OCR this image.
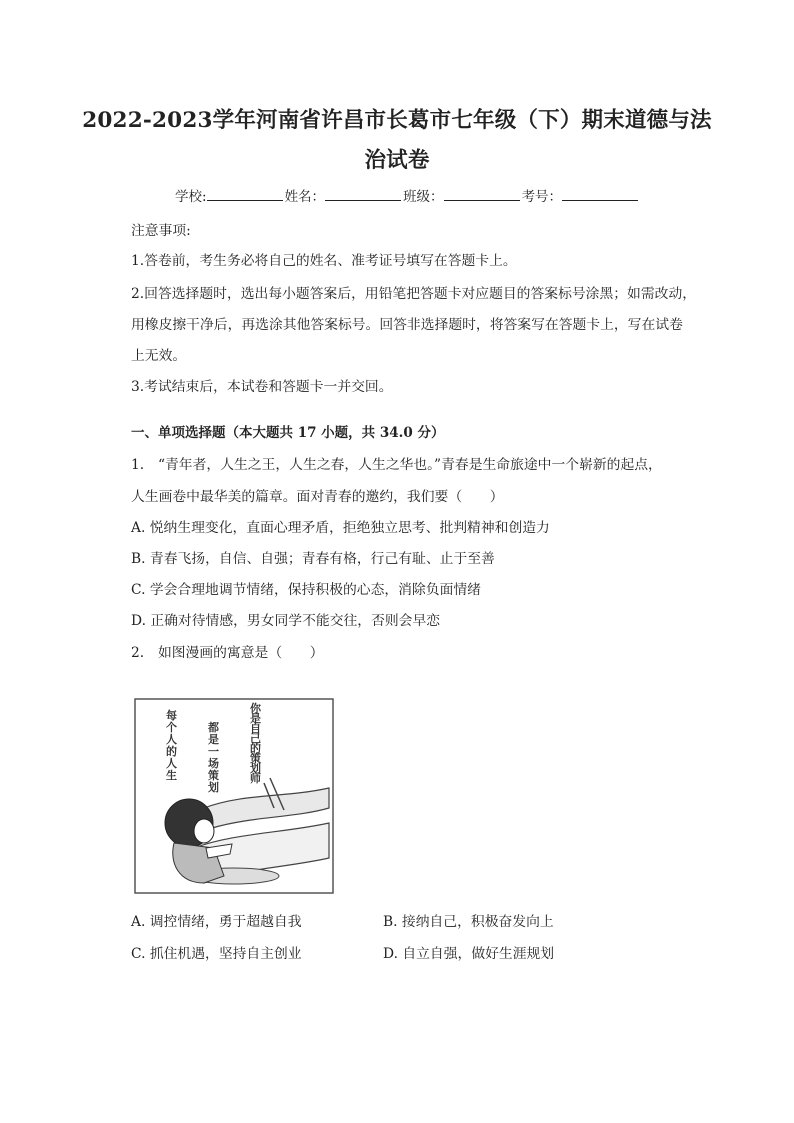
2022-2023学年河南省许昌市长葛市七年级（下）期末道德与法
治试卷
学校:	姓名：	班级：	考号：
注意事项:
1.答卷前，考生务必将自己的姓名、准考证号填写在答题卡上。
2.回答选择题时，选出每小题答案后，用铅笔把答题卡对应题目的答案标号涂黑；如需改动，
用橡皮擦干净后，再选涂其他答案标号。回答非选择题时，将答案写在答题卡上，写在试卷
上无效。
3.考试结束后，本试卷和答题卡一并交回。
一、单项选择题（本大题共 17 小题，共 34.0 分）
1.　“青年者，人生之王，人生之春，人生之华也。”青春是生命旅途中一个崭新的起点，
人生画卷中最华美的篇章。面对青春的邀约，我们要（　　）
A. 悦纳生理变化，直面心理矛盾，拒绝独立思考、批判精神和创造力
B. 青春飞扬，自信、自强；青春有格，行己有耻、止于至善
C. 学会合理地调节情绪，保持积极的心态，消除负面情绪
D. 正确对待情感，男女同学不能交往，否则会早恋
2.　如图漫画的寓意是（　　）
每
个
人
的
人
生
都
是
一
场
策
划
你
是
自
己
的
策
划
师
A. 调控情绪，勇于超越自我	B. 接纳自己，积极奋发向上
C. 抓住机遇，坚持自主创业	D. 自立自强，做好生涯规划
